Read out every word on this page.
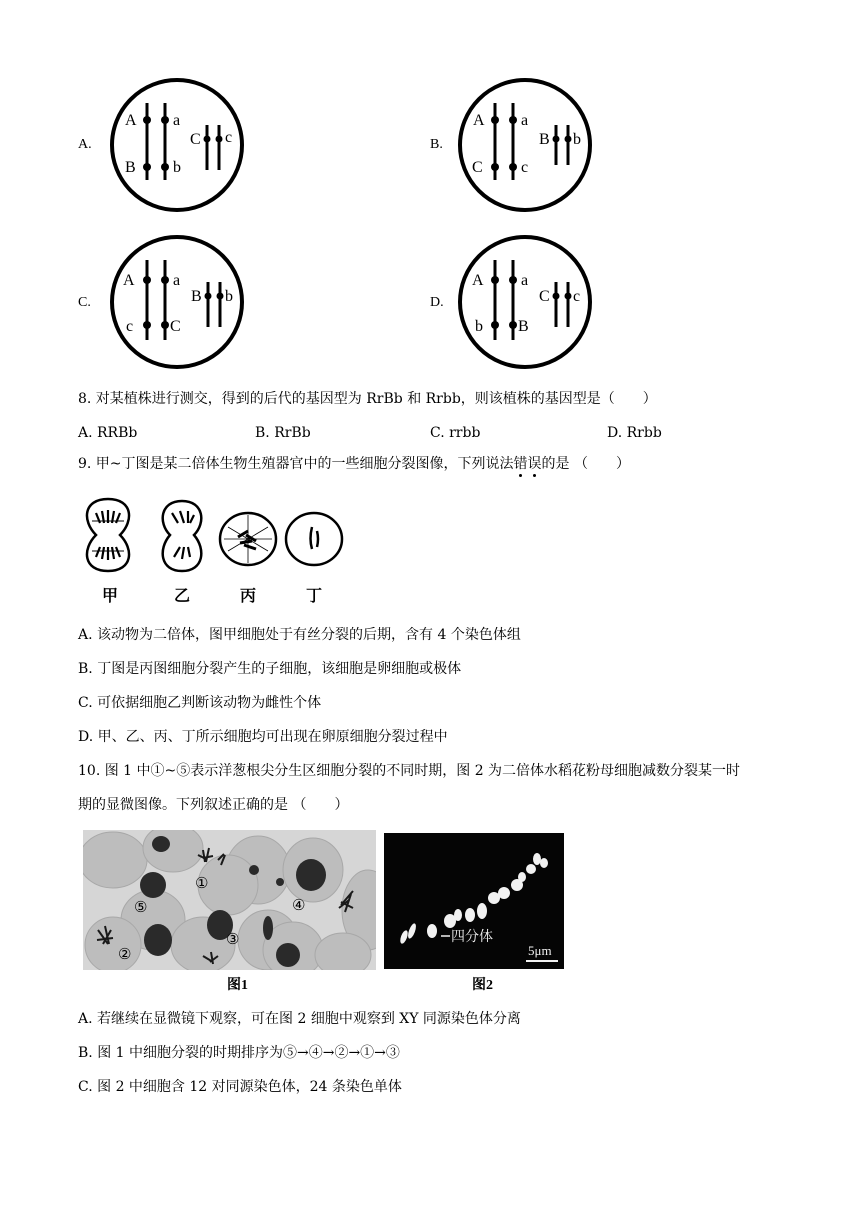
A.	B.
C.	D.
A a
B b
C c
A a
C c
B b
A a
c C
B b
A a
b B
C c
8. 对某植株进行测交，得到的后代的基因型为 RrBb 和 Rrbb，则该植株的基因型是（　　）
A. RRBb	B. RrBb	C. rrbb	D. Rrbb
9. 甲~丁图是某二倍体生物生殖器官中的一些细胞分裂图像，下列说法错误的是 （　　）
甲	乙	丙	丁
A. 该动物为二倍体，图甲细胞处于有丝分裂的后期，含有 4 个染色体组
B. 丁图是丙图细胞分裂产生的子细胞，该细胞是卵细胞或极体
C. 可依据细胞乙判断该动物为雌性个体
D. 甲、乙、丙、丁所示细胞均可出现在卵原细胞分裂过程中
10. 图 1 中①~⑤表示洋葱根尖分生区细胞分裂的不同时期，图 2 为二倍体水稻花粉母细胞减数分裂某一时
期的显微图像。下列叙述正确的是 （　　）
①
②
③
④
⑤
图1
四分体
5μm
图2
A. 若继续在显微镜下观察，可在图 2 细胞中观察到 XY 同源染色体分离
B. 图 1 中细胞分裂的时期排序为⑤→④→②→①→③
C. 图 2 中细胞含 12 对同源染色体，24 条染色单体
